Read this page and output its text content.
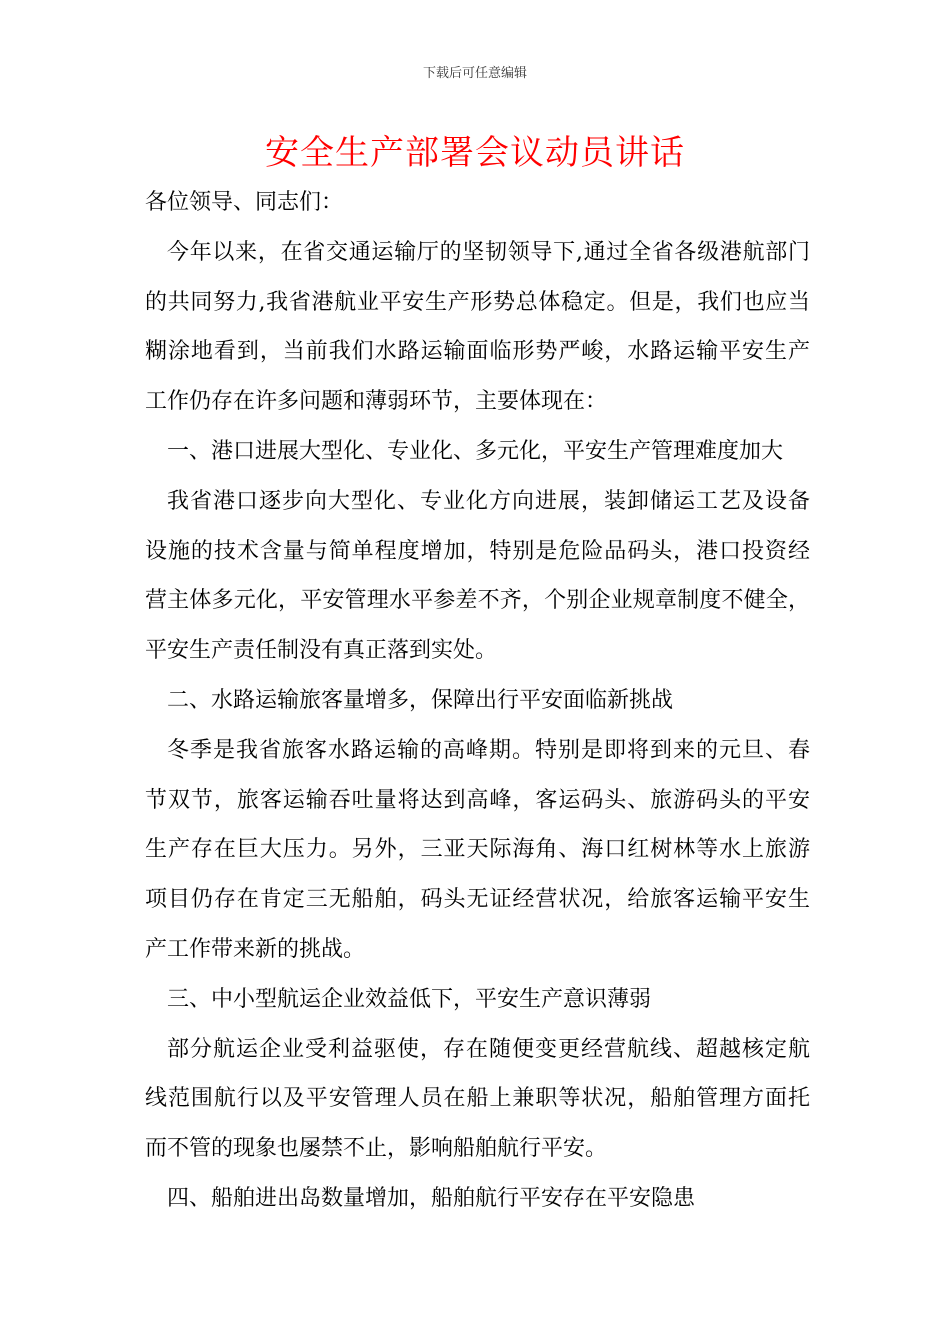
下载后可任意编辑
安全生产部署会议动员讲话
各位领导、同志们：
今年以来，在省交通运输厅的坚韧领导下,通过全省各级港航部门
的共同努力,我省港航业平安生产形势总体稳定。但是，我们也应当
糊涂地看到，当前我们水路运输面临形势严峻，水路运输平安生产
工作仍存在许多问题和薄弱环节，主要体现在：
一、港口进展大型化、专业化、多元化，平安生产管理难度加大
我省港口逐步向大型化、专业化方向进展，装卸储运工艺及设备
设施的技术含量与简单程度增加，特别是危险品码头，港口投资经
营主体多元化，平安管理水平参差不齐，个别企业规章制度不健全，
平安生产责任制没有真正落到实处。
二、水路运输旅客量增多，保障出行平安面临新挑战
冬季是我省旅客水路运输的高峰期。特别是即将到来的元旦、春
节双节，旅客运输吞吐量将达到高峰，客运码头、旅游码头的平安
生产存在巨大压力。另外，三亚天际海角、海口红树林等水上旅游
项目仍存在肯定三无船舶，码头无证经营状况，给旅客运输平安生
产工作带来新的挑战。
三、中小型航运企业效益低下，平安生产意识薄弱
部分航运企业受利益驱使，存在随便变更经营航线、超越核定航
线范围航行以及平安管理人员在船上兼职等状况，船舶管理方面托
而不管的现象也屡禁不止，影响船舶航行平安。
四、船舶进出岛数量增加，船舶航行平安存在平安隐患
